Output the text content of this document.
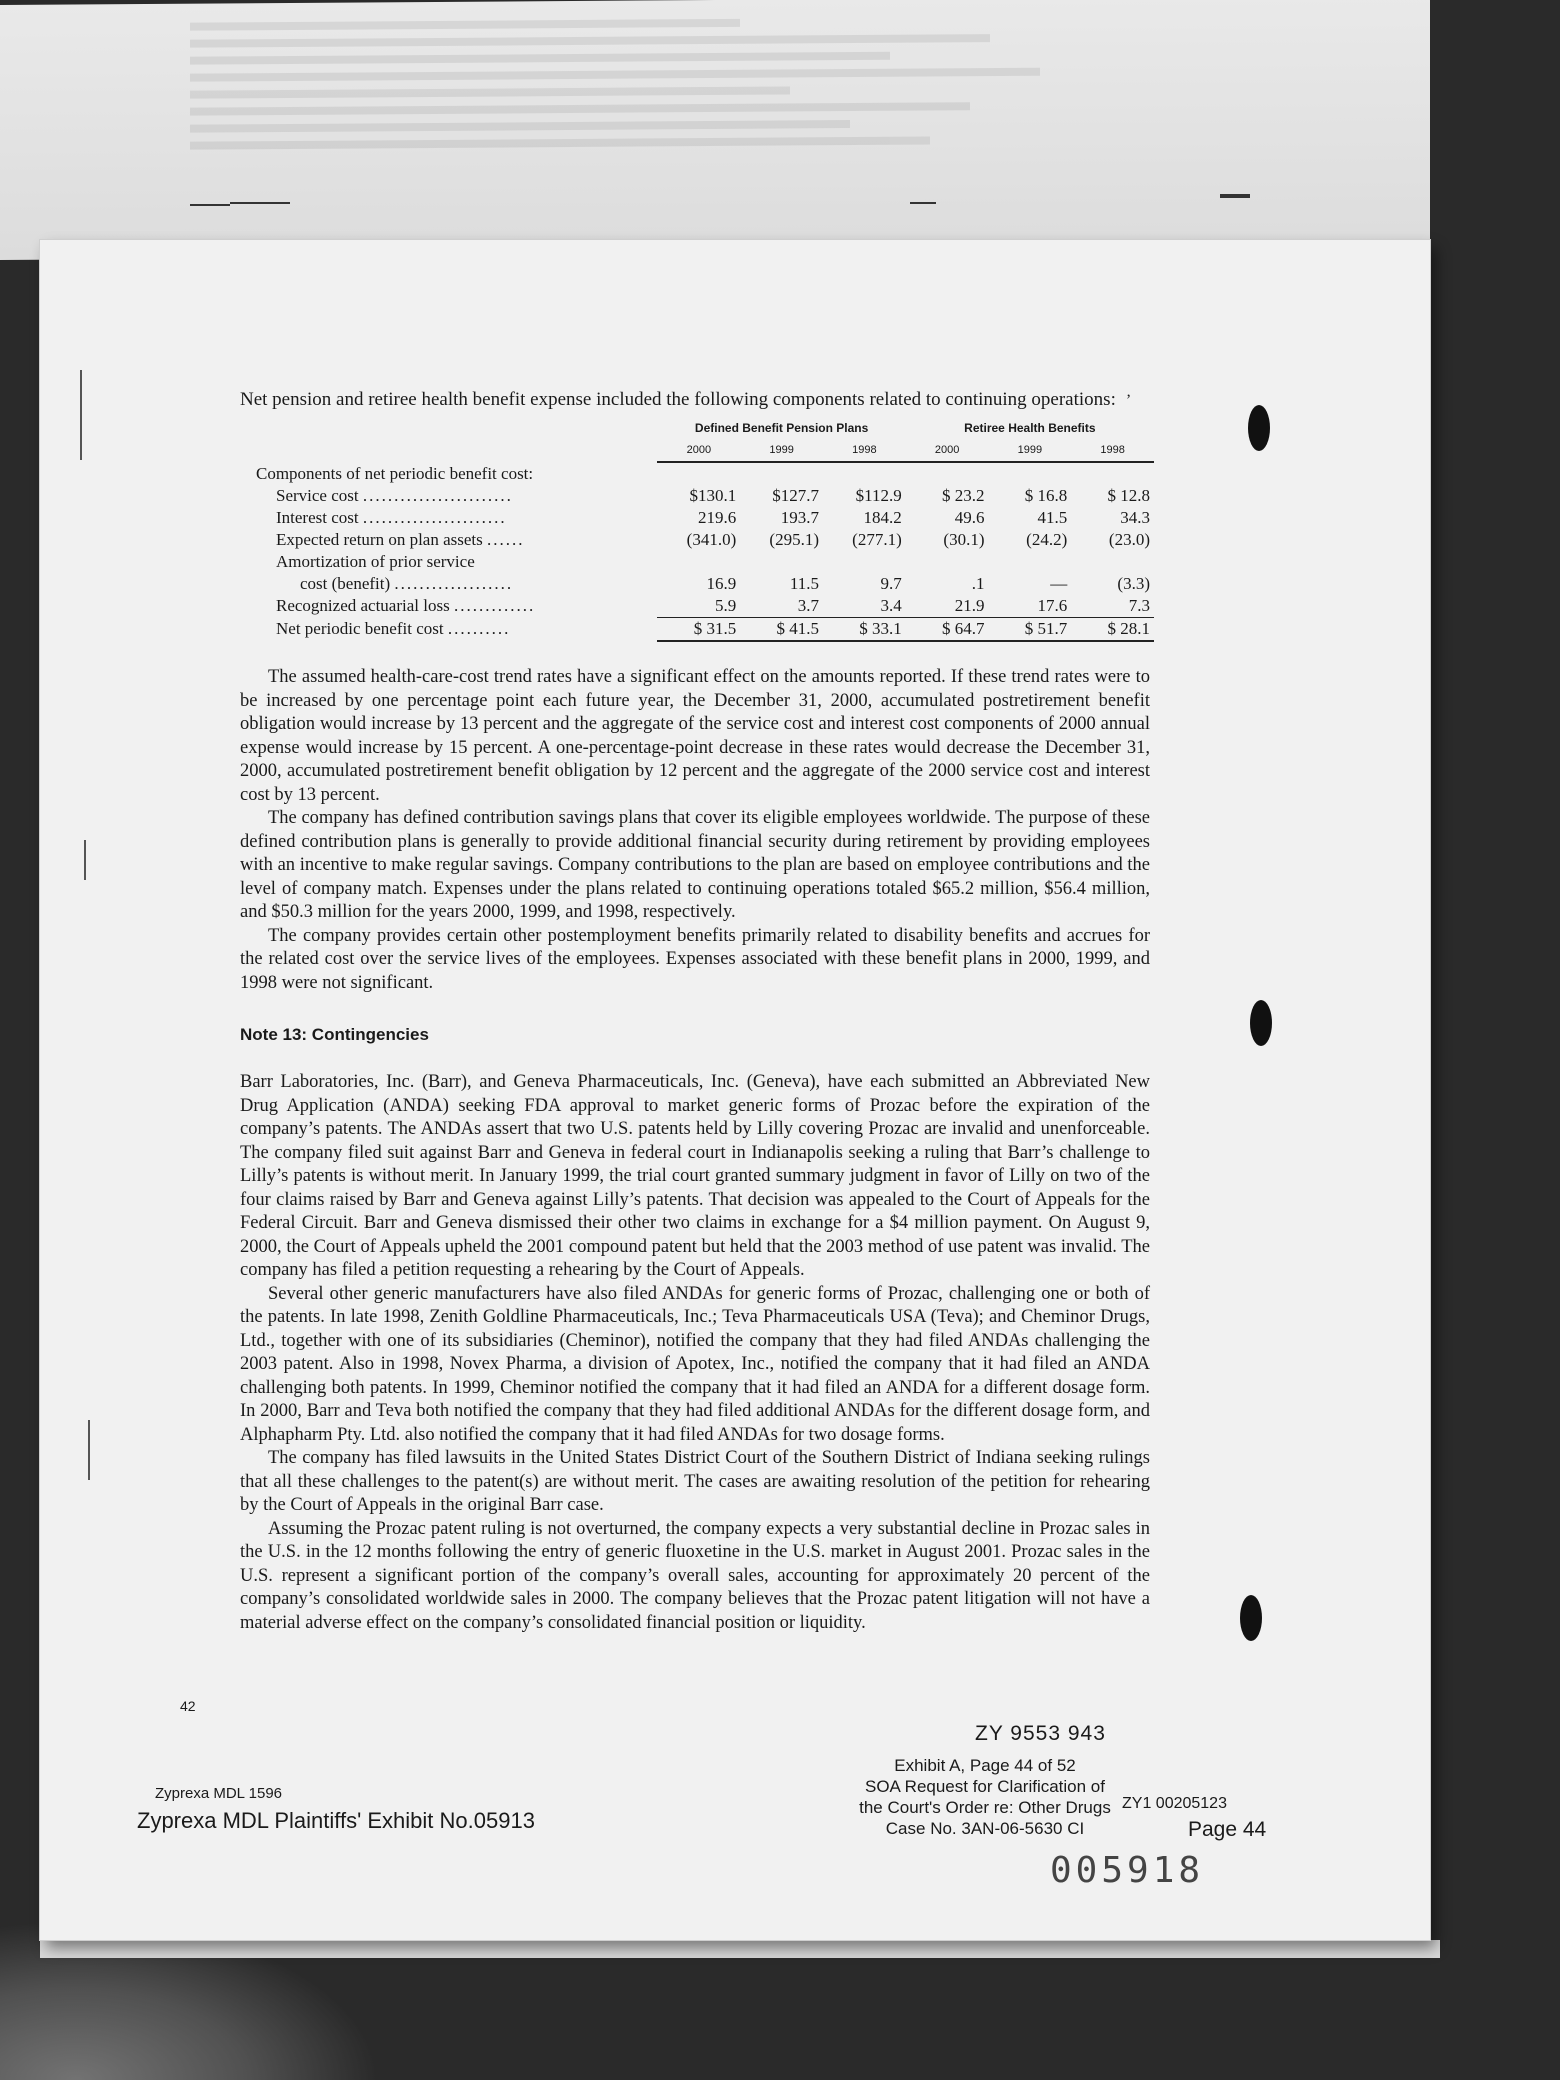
Net pension and retiree health benefit expense included the following components related to continuing operations: ’

	Defined Benefit Pension Plans			Retiree Health Benefits		
	2000	1999	1998	2000	1999	1998
Components of net periodic benefit cost:						
Service cost ........................	$130.1	$127.7	$112.9	$ 23.2	$ 16.8	$ 12.8
Interest cost .......................	219.6	193.7	184.2	49.6	41.5	34.3
Expected return on plan assets ......	(341.0)	(295.1)	(277.1)	(30.1)	(24.2)	(23.0)
Amortization of prior service						
cost (benefit) ...................	16.9	11.5	9.7	.1	—	(3.3)
Recognized actuarial loss .............	5.9	3.7	3.4	21.9	17.6	7.3
Net periodic benefit cost ..........	$ 31.5	$ 41.5	$ 33.1	$ 64.7	$ 51.7	$ 28.1

The assumed health-care-cost trend rates have a significant effect on the amounts reported. If these trend rates were to be increased by one percentage point each future year, the December 31, 2000, accumulated postretirement benefit obligation would increase by 13 percent and the aggregate of the service cost and interest cost components of 2000 annual expense would increase by 15 percent. A one-percentage-point decrease in these rates would decrease the December 31, 2000, accumulated postretirement benefit obligation by 12 percent and the aggregate of the 2000 service cost and interest cost by 13 percent.

The company has defined contribution savings plans that cover its eligible employees worldwide. The purpose of these defined contribution plans is generally to provide additional financial security during retirement by providing employees with an incentive to make regular savings. Company contributions to the plan are based on employee contributions and the level of company match. Expenses under the plans related to continuing operations totaled $65.2 million, $56.4 million, and $50.3 million for the years 2000, 1999, and 1998, respectively.

The company provides certain other postemployment benefits primarily related to disability benefits and accrues for the related cost over the service lives of the employees. Expenses associated with these benefit plans in 2000, 1999, and 1998 were not significant.

Note 13: Contingencies

Barr Laboratories, Inc. (Barr), and Geneva Pharmaceuticals, Inc. (Geneva), have each submitted an Abbreviated New Drug Application (ANDA) seeking FDA approval to market generic forms of Prozac before the expiration of the company’s patents. The ANDAs assert that two U.S. patents held by Lilly covering Prozac are invalid and unenforceable. The company filed suit against Barr and Geneva in federal court in Indianapolis seeking a ruling that Barr’s challenge to Lilly’s patents is without merit. In January 1999, the trial court granted summary judgment in favor of Lilly on two of the four claims raised by Barr and Geneva against Lilly’s patents. That decision was appealed to the Court of Appeals for the Federal Circuit. Barr and Geneva dismissed their other two claims in exchange for a $4 million payment. On August 9, 2000, the Court of Appeals upheld the 2001 compound patent but held that the 2003 method of use patent was invalid. The company has filed a petition requesting a rehearing by the Court of Appeals.

Several other generic manufacturers have also filed ANDAs for generic forms of Prozac, challenging one or both of the patents. In late 1998, Zenith Goldline Pharmaceuticals, Inc.; Teva Pharmaceuticals USA (Teva); and Cheminor Drugs, Ltd., together with one of its subsidiaries (Cheminor), notified the company that they had filed ANDAs challenging the 2003 patent. Also in 1998, Novex Pharma, a division of Apotex, Inc., notified the company that it had filed an ANDA challenging both patents. In 1999, Cheminor notified the company that it had filed an ANDA for a different dosage form. In 2000, Barr and Teva both notified the company that they had filed additional ANDAs for the different dosage form, and Alphapharm Pty. Ltd. also notified the company that it had filed ANDAs for two dosage forms.

The company has filed lawsuits in the United States District Court of the Southern District of Indiana seeking rulings that all these challenges to the patent(s) are without merit. The cases are awaiting resolution of the petition for rehearing by the Court of Appeals in the original Barr case.

Assuming the Prozac patent ruling is not overturned, the company expects a very substantial decline in Prozac sales in the U.S. in the 12 months following the entry of generic fluoxetine in the U.S. market in August 2001. Prozac sales in the U.S. represent a significant portion of the company’s overall sales, accounting for approximately 20 percent of the company’s consolidated worldwide sales in 2000. The company believes that the Prozac patent litigation will not have a material adverse effect on the company’s consolidated financial position or liquidity.

42
ZY 9553 943
Exhibit A, Page 44 of 52
SOA Request for Clarification of
the Court's Order re: Other Drugs
Case No. 3AN-06-5630 CI
Zyprexa MDL 1596
Zyprexa MDL Plaintiffs' Exhibit No.05913
ZY1 00205123
Page 44
005918
